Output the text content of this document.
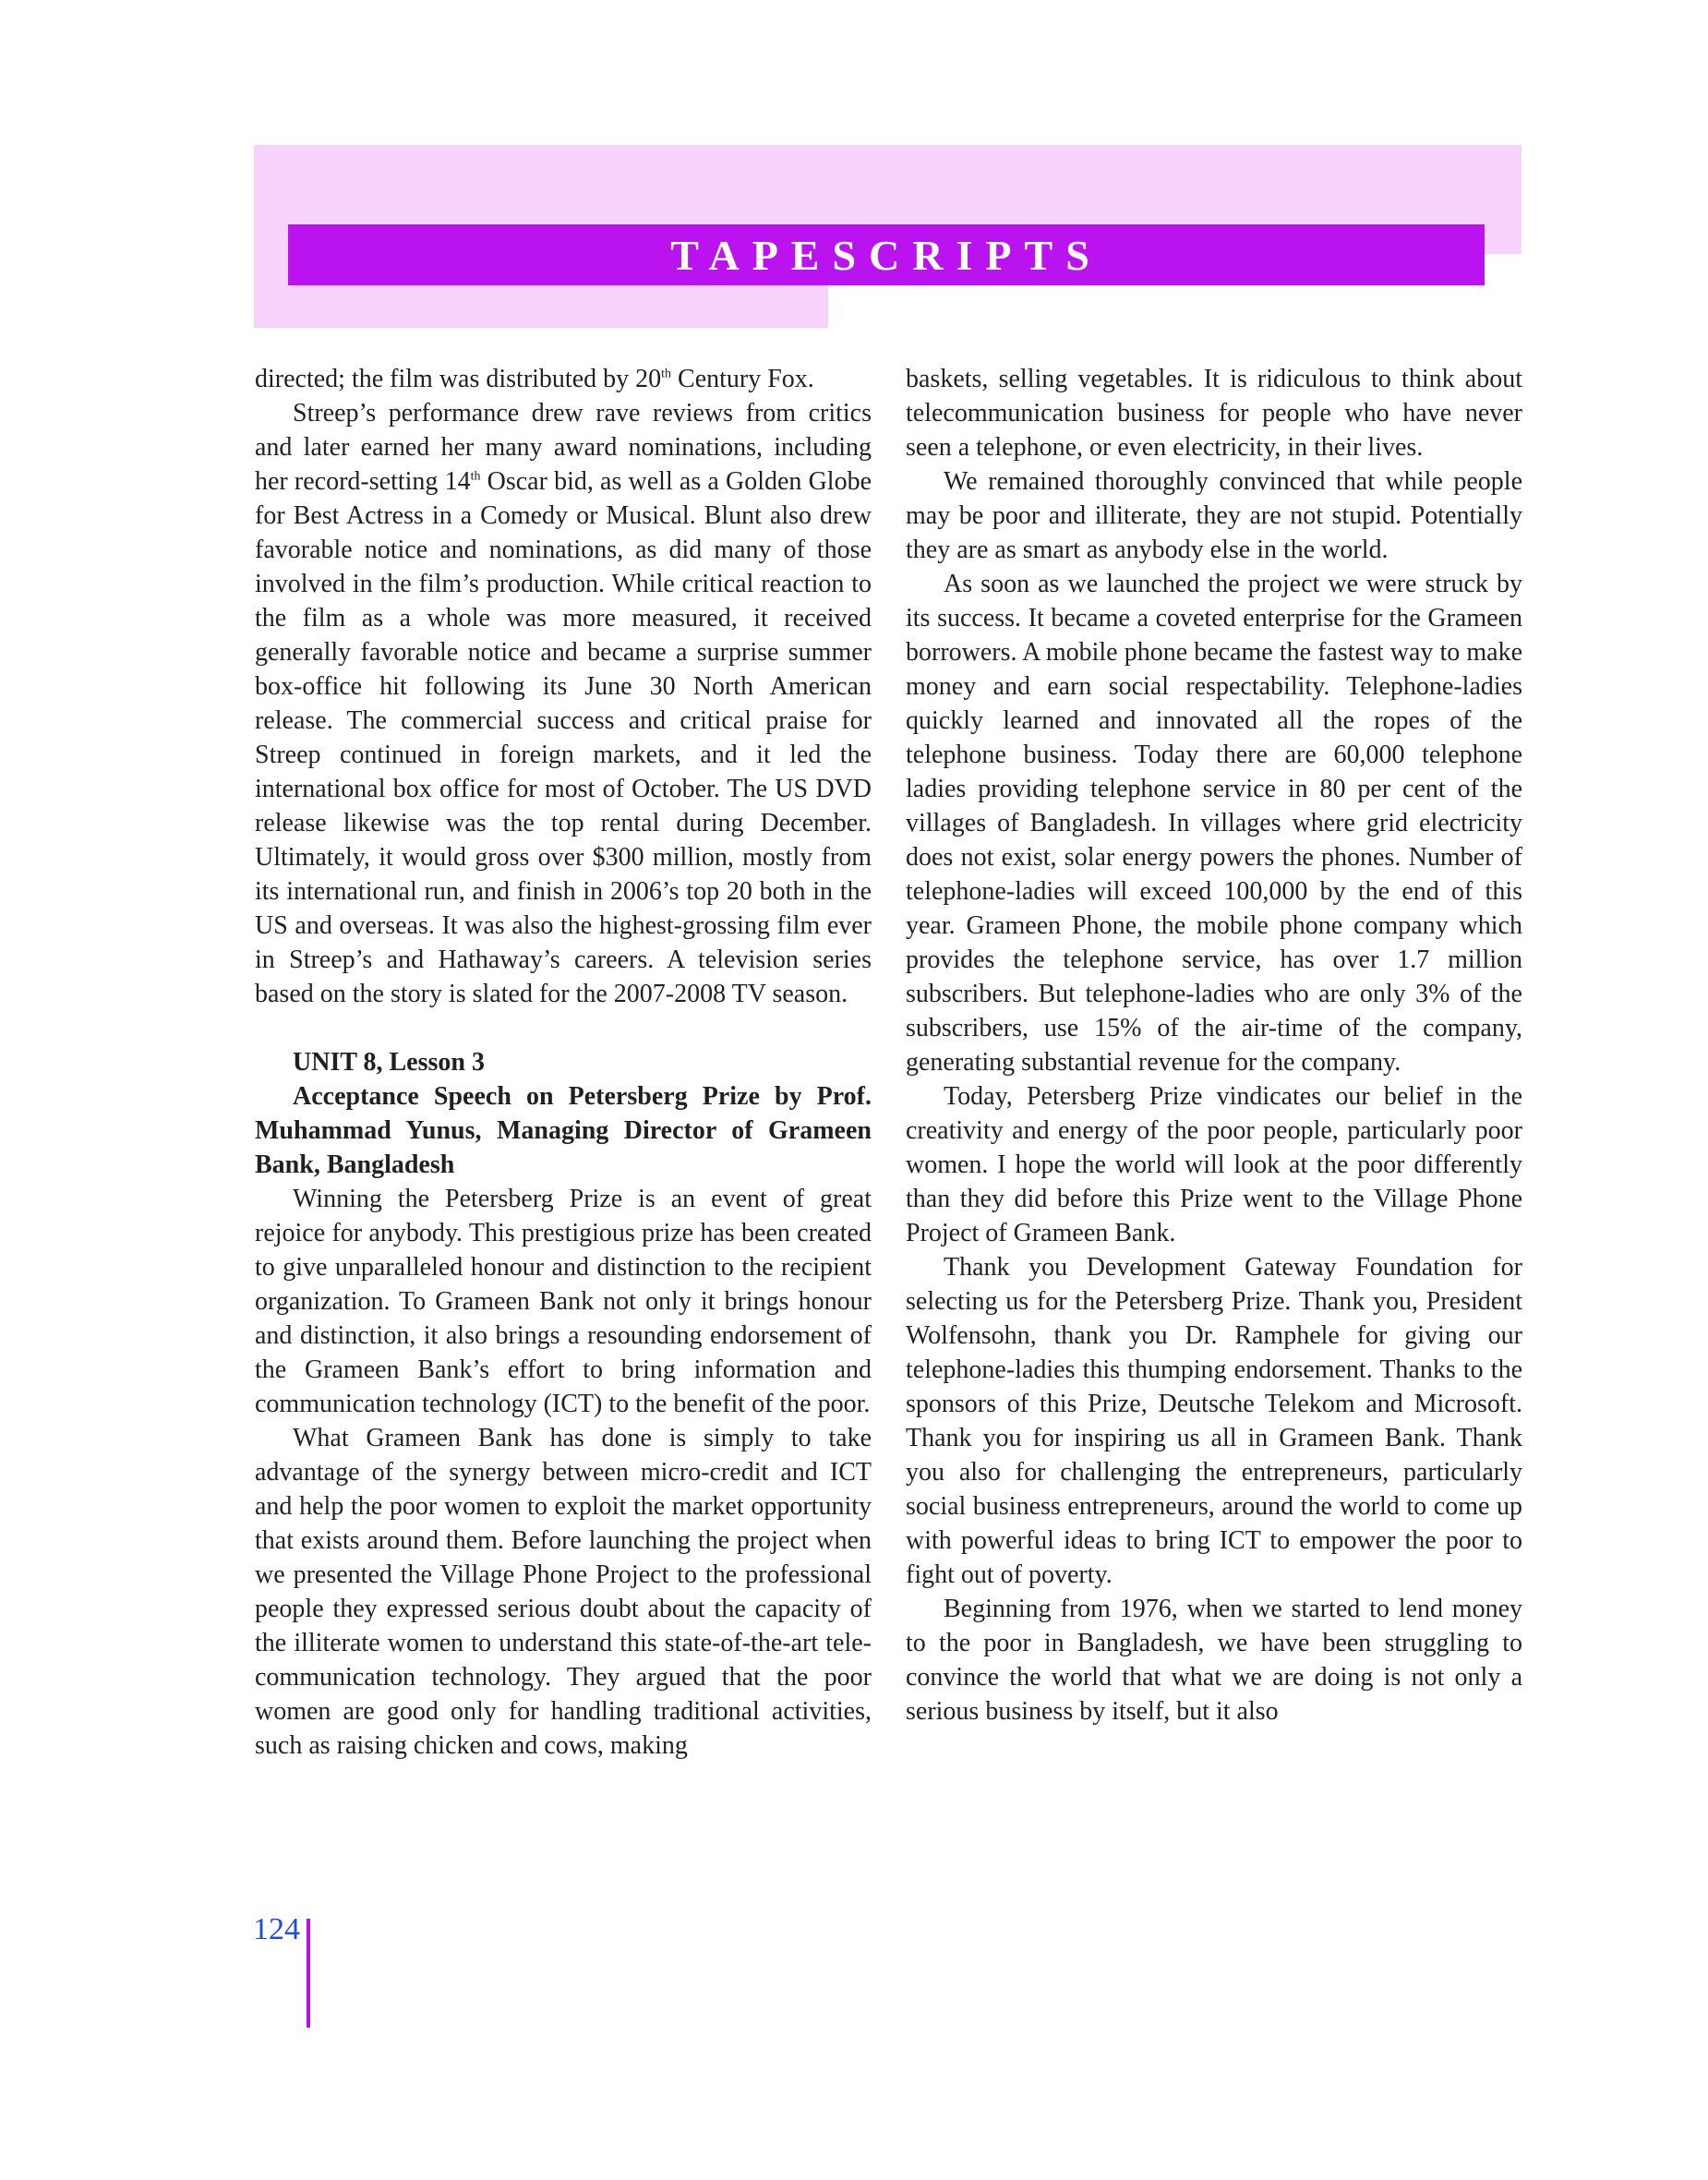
TAPESCRIPTS

directed; the film was distributed by 20th Century Fox.

Streep’s performance drew rave reviews from critics and later earned her many award nominations, including her record-setting 14th Oscar bid, as well as a Golden Globe for Best Actress in a Comedy or Musical. Blunt also drew favorable notice and nominations, as did many of those involved in the film’s production. While critical reaction to the film as a whole was more measured, it received generally favorable notice and became a surprise summer box-office hit following its June 30 North American release. The commercial success and critical praise for Streep continued in foreign markets, and it led the international box office for most of October. The US DVD release likewise was the top rental during December. Ultimately, it would gross over $300 million, mostly from its international run, and finish in 2006’s top 20 both in the US and overseas. It was also the highest-grossing film ever in Streep’s and Hathaway’s careers. A television series based on the story is slated for the 2007-2008 TV season.

UNIT 8, Lesson 3

Acceptance Speech on Petersberg Prize by Prof. Muhammad Yunus, Managing Director of Grameen Bank, Bangladesh

Winning the Petersberg Prize is an event of great rejoice for anybody. This prestigious prize has been created to give unparalleled honour and distinction to the recipient organization. To Grameen Bank not only it brings honour and distinction, it also brings a resounding endorsement of the Grameen Bank’s effort to bring information and communication technology (ICT) to the benefit of the poor.

What Grameen Bank has done is simply to take advantage of the synergy between micro-credit and ICT and help the poor women to exploit the market opportunity that exists around them. Before launching the project when we presented the Village Phone Project to the professional people they expressed serious doubt about the capacity of the illiterate women to understand this state-of-the-art tele-communication technology. They argued that the poor women are good only for handling traditional activities, such as raising chicken and cows, making

baskets, selling vegetables. It is ridiculous to think about telecommunication business for people who have never seen a telephone, or even electricity, in their lives.

We remained thoroughly convinced that while people may be poor and illiterate, they are not stupid. Potentially they are as smart as anybody else in the world.

As soon as we launched the project we were struck by its success. It became a coveted enterprise for the Grameen borrowers. A mobile phone became the fastest way to make money and earn social respectability. Telephone-ladies quickly learned and innovated all the ropes of the telephone business. Today there are 60,000 telephone ladies providing telephone service in 80 per cent of the villages of Bangladesh. In villages where grid electricity does not exist, solar energy powers the phones. Number of telephone-ladies will exceed 100,000 by the end of this year. Grameen Phone, the mobile phone company which provides the telephone service, has over 1.7 million subscribers. But telephone-ladies who are only 3% of the subscribers, use 15% of the air-time of the company, generating substantial revenue for the company.

Today, Petersberg Prize vindicates our belief in the creativity and energy of the poor people, particularly poor women. I hope the world will look at the poor differently than they did before this Prize went to the Village Phone Project of Grameen Bank.

Thank you Development Gateway Foundation for selecting us for the Petersberg Prize. Thank you, President Wolfensohn, thank you Dr. Ramphele for giving our telephone-ladies this thumping endorsement. Thanks to the sponsors of this Prize, Deutsche Telekom and Microsoft. Thank you for inspiring us all in Grameen Bank. Thank you also for challenging the entrepreneurs, particularly social business entrepreneurs, around the world to come up with powerful ideas to bring ICT to empower the poor to fight out of poverty.

Beginning from 1976, when we started to lend money to the poor in Bangladesh, we have been struggling to convince the world that what we are doing is not only a serious business by itself, but it also

124
